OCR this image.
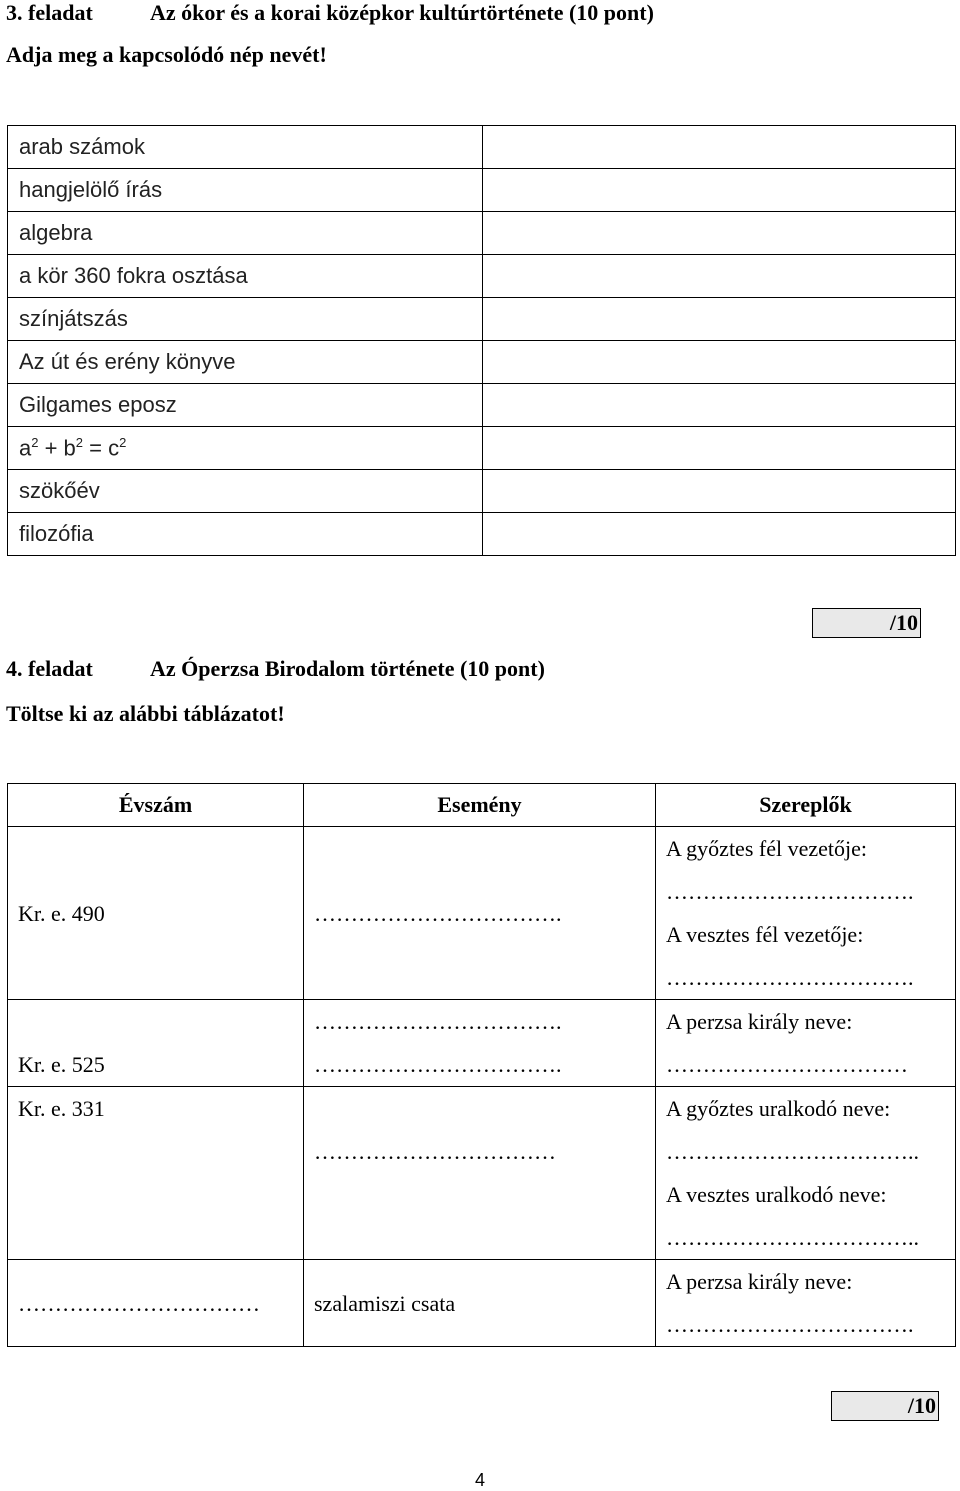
3. feladat	Az ókor és a korai középkor kultúrtörténete (10 pont)
Adja meg a kapcsolódó nép nevét!
arab számok	
hangjelölő írás	
algebra	
a kör 360 fokra osztása	
színjátszás	
Az út és erény könyve	
Gilgames eposz	
$a^2 + b^2 = c^2$	
szökőév	
filozófia	
/10
4. feladat	Az Óperzsa Birodalom története (10 pont)
Töltse ki az alábbi táblázatot!
Évszám	Esemény	Szereplők

Kr. e. 490	…………………………….	A győztes fél vezetője:
…………………………….
A vesztes fél vezetője:
…………………………….

Kr. e. 525	…………………………….
…………………………….	A perzsa király neve:
……………………………

Kr. e. 331	……………………………	A győztes uralkodó neve:
……………………………..
A vesztes uralkodó neve:
……………………………..

……………………………	szalamiszi csata	A perzsa király neve:
…………………………….
/10
4
